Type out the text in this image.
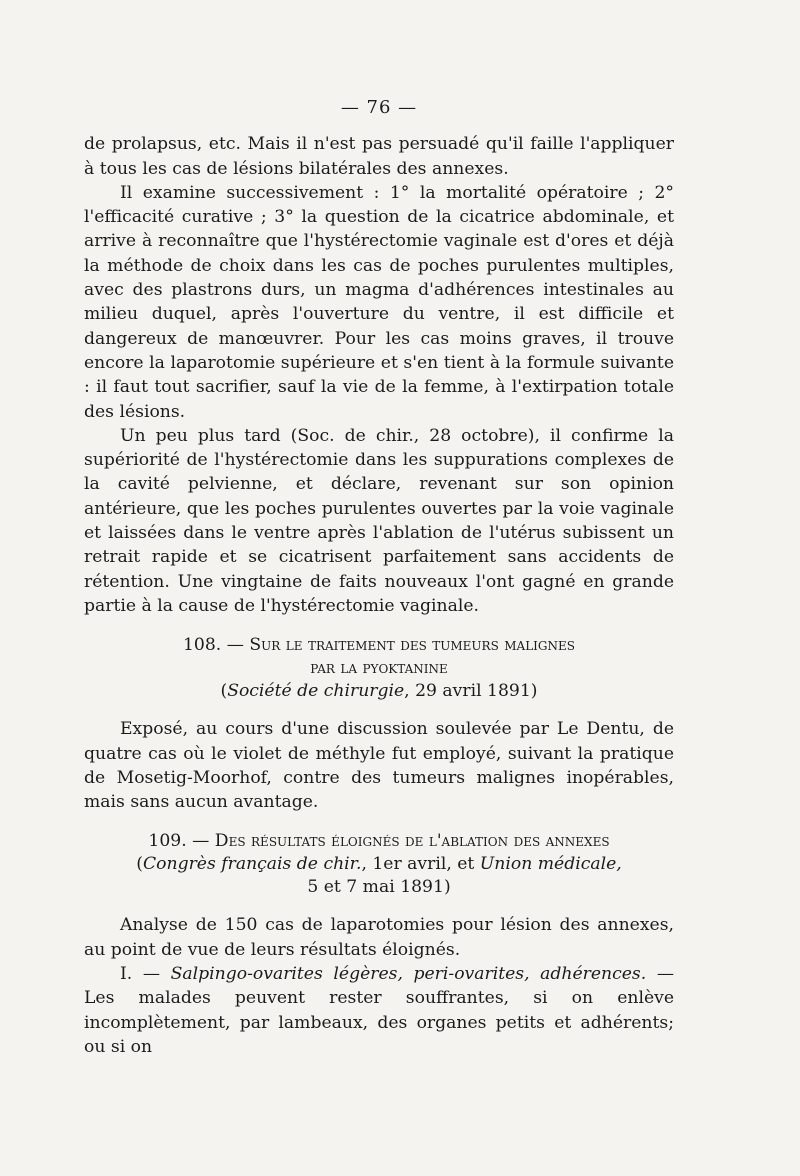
— 76 —

de prolapsus, etc. Mais il n'est pas persuadé qu'il faille l'appliquer à tous les cas de lésions bilatérales des annexes.

Il examine successivement : 1° la mortalité opératoire ; 2° l'efficacité curative ; 3° la question de la cicatrice abdominale, et arrive à reconnaître que l'hystérectomie vaginale est d'ores et déjà la méthode de choix dans les cas de poches purulentes multiples, avec des plastrons durs, un magma d'adhérences intestinales au milieu duquel, après l'ouverture du ventre, il est difficile et dangereux de manœuvrer. Pour les cas moins graves, il trouve encore la laparotomie supérieure et s'en tient à la formule suivante : il faut tout sacrifier, sauf la vie de la femme, à l'extirpation totale des lésions.

Un peu plus tard (Soc. de chir., 28 octobre), il confirme la supériorité de l'hystérectomie dans les suppurations complexes de la cavité pelvienne, et déclare, revenant sur son opinion antérieure, que les poches purulentes ouvertes par la voie vaginale et laissées dans le ventre après l'ablation de l'utérus subissent un retrait rapide et se cicatrisent parfaitement sans accidents de rétention. Une vingtaine de faits nouveaux l'ont gagné en grande partie à la cause de l'hystérectomie vaginale.

108. — Sur le traitement des tumeurs malignes
par la pyoktanine
(Société de chirurgie, 29 avril 1891)

Exposé, au cours d'une discussion soulevée par Le Dentu, de quatre cas où le violet de méthyle fut employé, suivant la pratique de Mosetig-Moorhof, contre des tumeurs malignes inopérables, mais sans aucun avantage.

109. — Des résultats éloignés de l'ablation des annexes
(Congrès français de chir., 1er avril, et Union médicale,
5 et 7 mai 1891)

Analyse de 150 cas de laparotomies pour lésion des annexes, au point de vue de leurs résultats éloignés.

I. — Salpingo-ovarites légères, peri-ovarites, adhérences. — Les malades peuvent rester souffrantes, si on enlève incomplètement, par lambeaux, des organes petits et adhérents; ou si on
